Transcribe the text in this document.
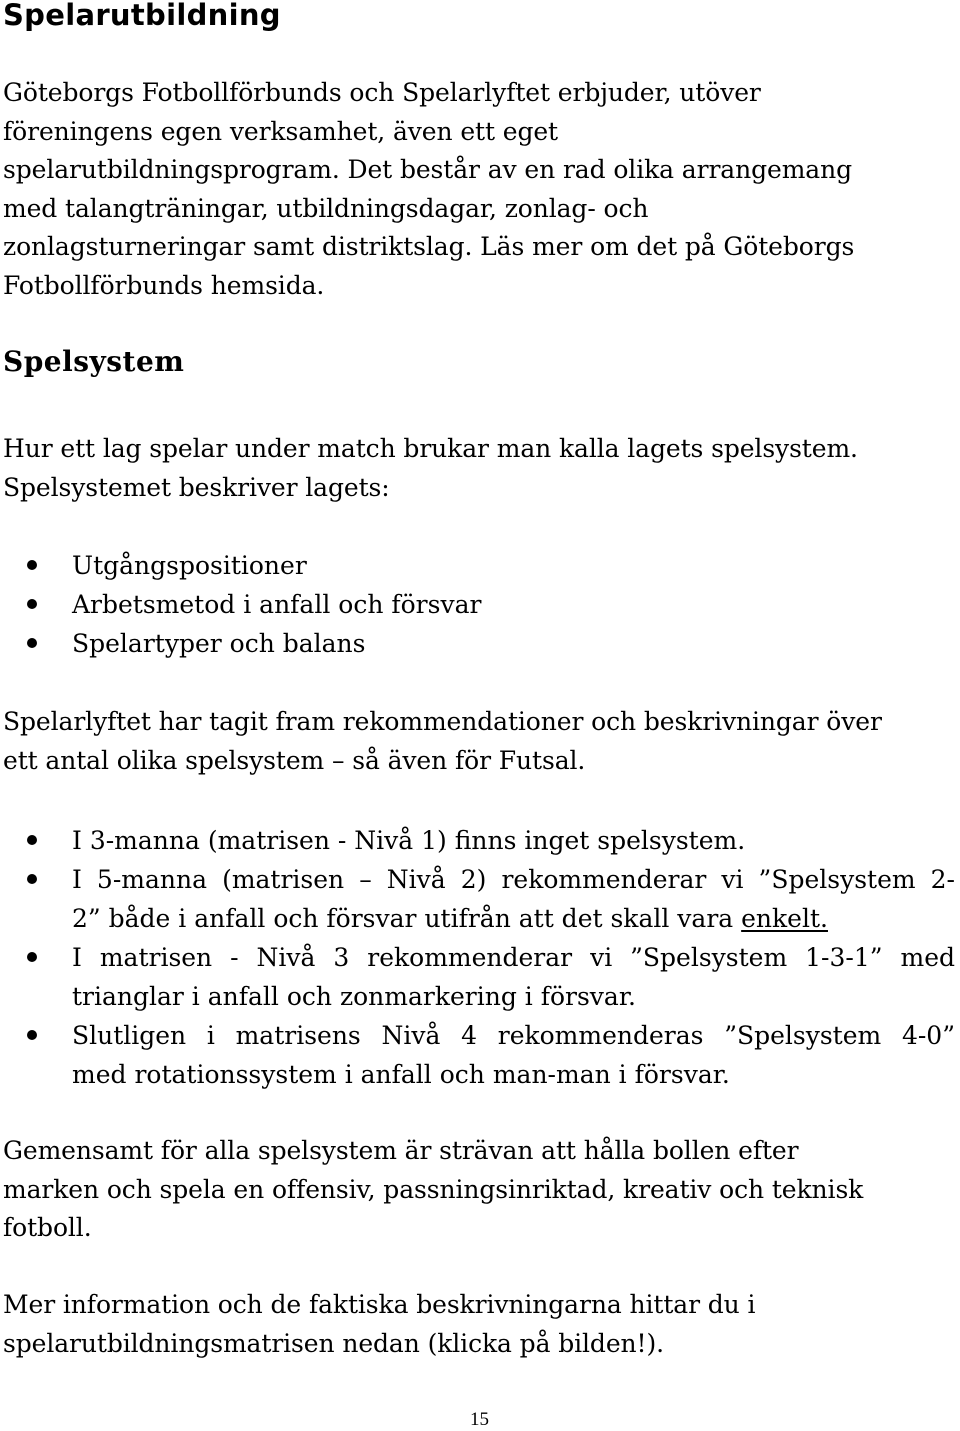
Spelarutbildning
Göteborgs Fotbollförbunds och Spelarlyftet erbjuder, utöver
föreningens egen verksamhet, även ett eget
spelarutbildningsprogram. Det består av en rad olika arrangemang
med talangträningar, utbildningsdagar, zonlag- och
zonlagsturneringar samt distriktslag. Läs mer om det på Göteborgs
Fotbollförbunds hemsida.
Spelsystem
Hur ett lag spelar under match brukar man kalla lagets spelsystem.
Spelsystemet beskriver lagets:
Utgångspositioner
Arbetsmetod i anfall och försvar
Spelartyper och balans
Spelarlyftet har tagit fram rekommendationer och beskrivningar över
ett antal olika spelsystem – så även för Futsal.
I 3-manna (matrisen - Nivå 1) finns inget spelsystem.
I 5-manna (matrisen – Nivå 2) rekommenderar vi ”Spelsystem 2-
2” både i anfall och försvar utifrån att det skall vara enkelt.
I matrisen - Nivå 3 rekommenderar vi ”Spelsystem 1-3-1” med
trianglar i anfall och zonmarkering i försvar.
Slutligen i matrisens Nivå 4 rekommenderas ”Spelsystem 4-0”
med rotationssystem i anfall och man-man i försvar.
Gemensamt för alla spelsystem är strävan att hålla bollen efter
marken och spela en offensiv, passningsinriktad, kreativ och teknisk
fotboll.
Mer information och de faktiska beskrivningarna hittar du i
spelarutbildningsmatrisen nedan (klicka på bilden!).
15
